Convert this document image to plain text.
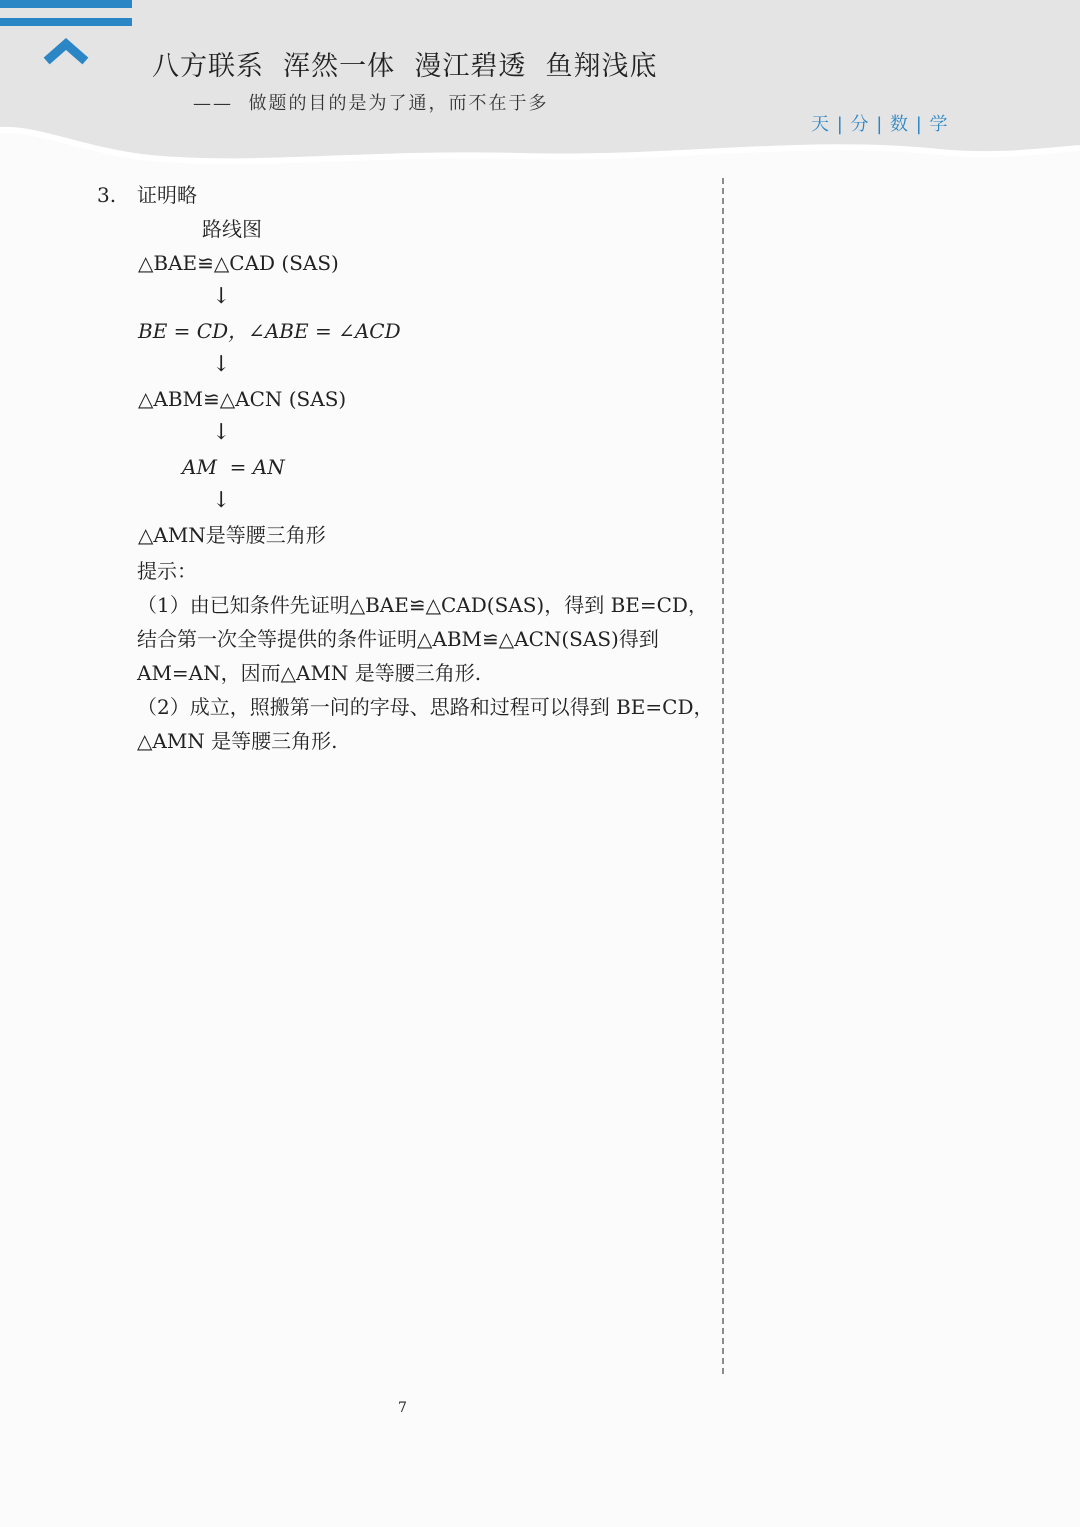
八方联系  浑然一体  漫江碧透  鱼翔浅底
——  做题的目的是为了通，而不在于多
天 | 分 | 数 | 学
3. 证明略
路线图
△BAE≌△CAD (SAS)
↓
BE = CD，∠ABE = ∠ACD
↓
△ABM≌△ACN (SAS)
↓
AM  = AN
↓
△AMN是等腰三角形
提示：
（1）由已知条件先证明△BAE≌△CAD(SAS)，得到 BE=CD，
结合第一次全等提供的条件证明△ABM≌△ACN(SAS)得到
AM=AN，因而△AMN 是等腰三角形.
（2）成立，照搬第一问的字母、思路和过程可以得到 BE=CD，
△AMN 是等腰三角形.
7
